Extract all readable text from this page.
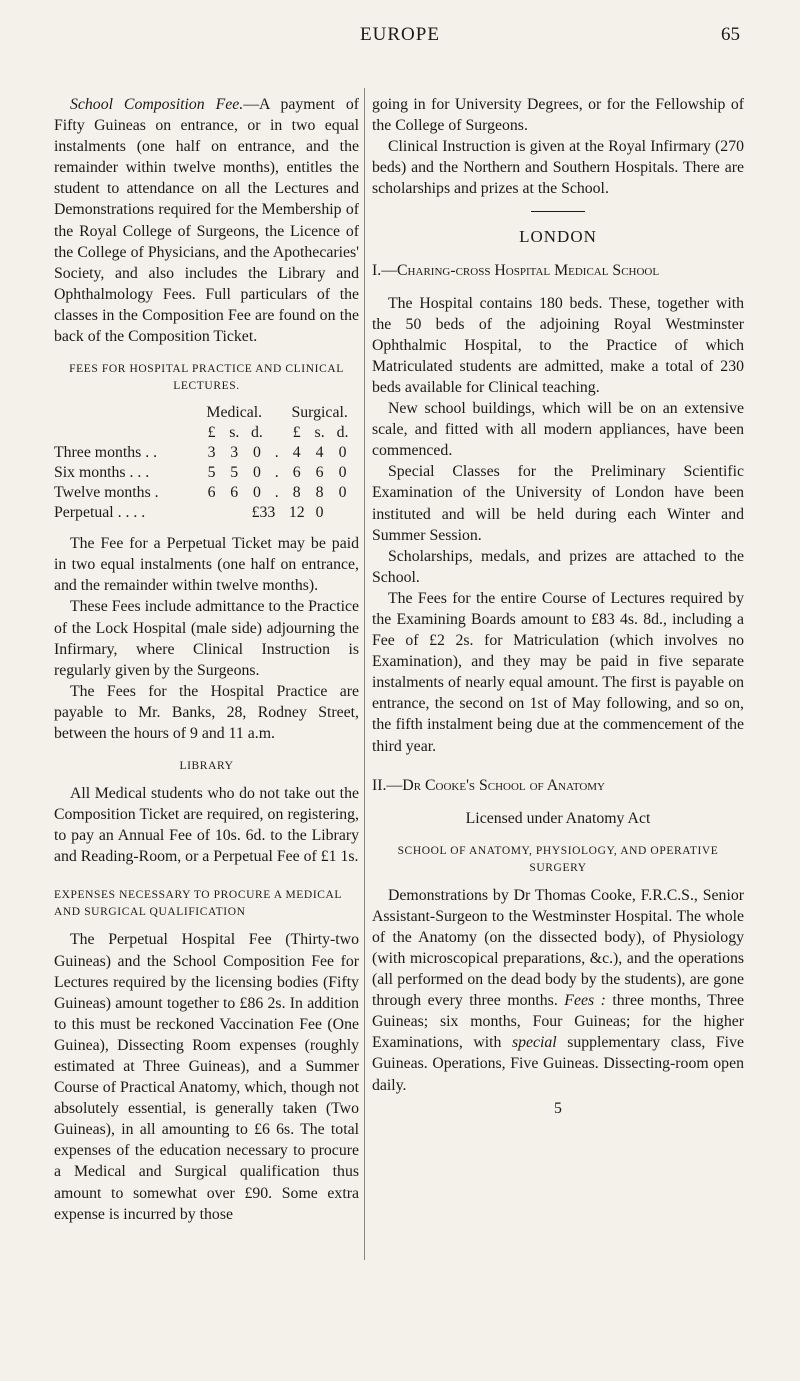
EUROPE	65

School Composition Fee.—A payment of Fifty Guineas on entrance, or in two equal instalments (one half on entrance, and the remainder within twelve months), entitles the student to attendance on all the Lectures and Demonstrations required for the Membership of the Royal College of Surgeons, the Licence of the College of Physicians, and the Apothecaries' Society, and also includes the Library and Ophthalmology Fees. Full particulars of the classes in the Composition Fee are found on the back of the Composition Ticket.

FEES FOR HOSPITAL PRACTICE AND CLINICAL LECTURES.
	Medical.				Surgical.		
	£	s.	d.		£	s.	d.
Three months . .	3	3	0	.	4	4	0
Six months . . .	5	5	0	.	6	6	0
Twelve months .	6	6	0	.	8	8	0
Perpetual . . . .	£33				12	0	

The Fee for a Perpetual Ticket may be paid in two equal instalments (one half on entrance, and the remainder within twelve months).

These Fees include admittance to the Practice of the Lock Hospital (male side) adjourning the Infirmary, where Clinical Instruction is regularly given by the Surgeons.

The Fees for the Hospital Practice are payable to Mr. Banks, 28, Rodney Street, between the hours of 9 and 11 a.m.

LIBRARY

All Medical students who do not take out the Composition Ticket are required, on registering, to pay an Annual Fee of 10s. 6d. to the Library and Reading-Room, or a Perpetual Fee of £1 1s.

EXPENSES NECESSARY TO PROCURE A MEDICAL AND SURGICAL QUALIFICATION

The Perpetual Hospital Fee (Thirty-two Guineas) and the School Composition Fee for Lectures required by the licensing bodies (Fifty Guineas) amount together to £86 2s. In addition to this must be reckoned Vaccination Fee (One Guinea), Dissecting Room expenses (roughly estimated at Three Guineas), and a Summer Course of Practical Anatomy, which, though not absolutely essential, is generally taken (Two Guineas), in all amounting to £6 6s. The total expenses of the education necessary to procure a Medical and Surgical qualification thus amount to somewhat over £90. Some extra expense is incurred by those

going in for University Degrees, or for the Fellowship of the College of Surgeons.

Clinical Instruction is given at the Royal Infirmary (270 beds) and the Northern and Southern Hospitals. There are scholarships and prizes at the School.

LONDON
I.—Charing-cross Hospital Medical School

The Hospital contains 180 beds. These, together with the 50 beds of the adjoining Royal Westminster Ophthalmic Hospital, to the Practice of which Matriculated students are admitted, make a total of 230 beds available for Clinical teaching.

New school buildings, which will be on an extensive scale, and fitted with all modern appliances, have been commenced.

Special Classes for the Preliminary Scientific Examination of the University of London have been instituted and will be held during each Winter and Summer Session.

Scholarships, medals, and prizes are attached to the School.

The Fees for the entire Course of Lectures required by the Examining Boards amount to £83 4s. 8d., including a Fee of £2 2s. for Matriculation (which involves no Examination), and they may be paid in five separate instalments of nearly equal amount. The first is payable on entrance, the second on 1st of May following, and so on, the fifth instalment being due at the commencement of the third year.

II.—Dr Cooke's School of Anatomy
Licensed under Anatomy Act
SCHOOL OF ANATOMY, PHYSIOLOGY, AND OPERATIVE SURGERY

Demonstrations by Dr Thomas Cooke, F.R.C.S., Senior Assistant-Surgeon to the Westminster Hospital. The whole of the Anatomy (on the dissected body), of Physiology (with microscopical preparations, &c.), and the operations (all performed on the dead body by the students), are gone through every three months. Fees : three months, Three Guineas; six months, Four Guineas; for the higher Examinations, with special supplementary class, Five Guineas. Operations, Five Guineas. Dissecting-room open daily.

5
